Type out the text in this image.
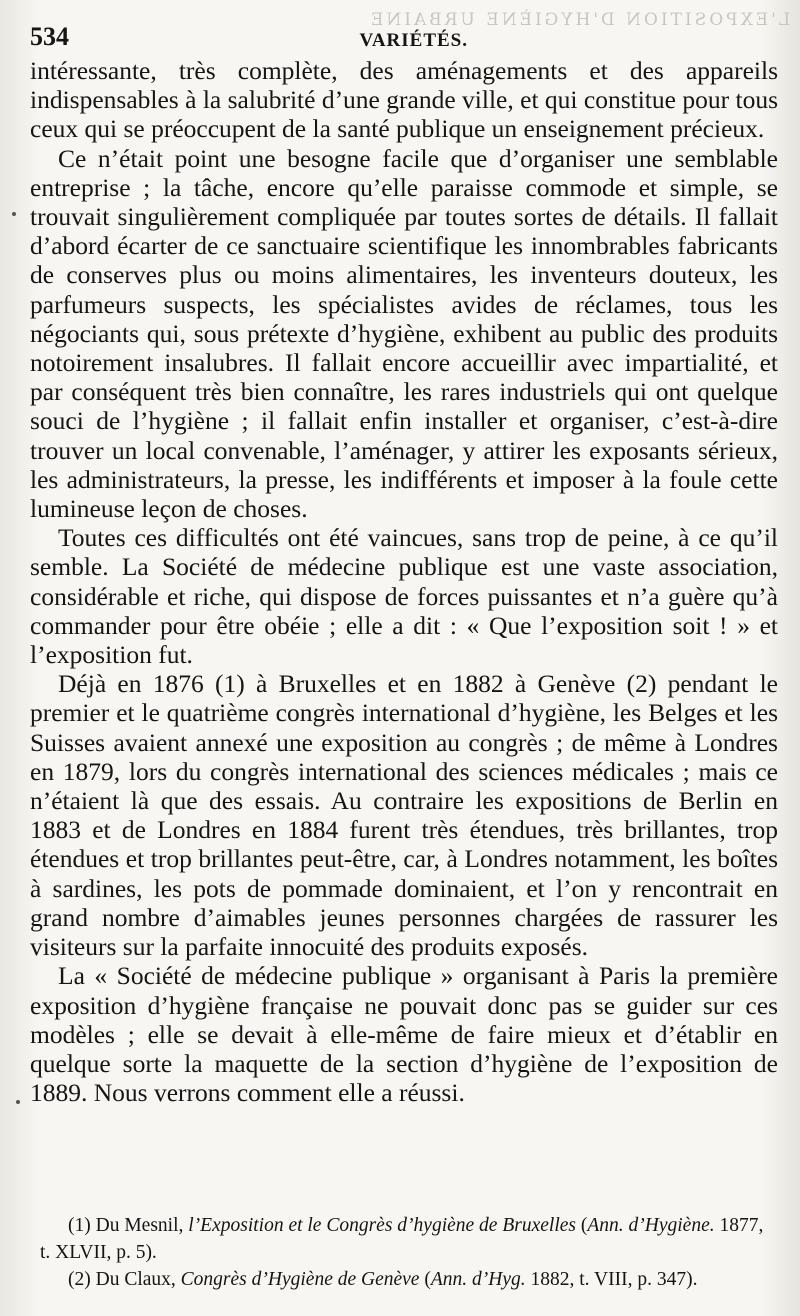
L'EXPOSITION D'HYGIÈNE URBAINE
534	VARIÉTÉS.

intéressante, très complète, des aménagements et des appareils indispensables à la salubrité d’une grande ville, et qui constitue pour tous ceux qui se préoccupent de la santé publique un enseignement précieux.

Ce n’était point une besogne facile que d’organiser une semblable entreprise ; la tâche, encore qu’elle paraisse commode et simple, se trouvait singulièrement compliquée par toutes sortes de détails. Il fallait d’abord écarter de ce sanctuaire scientifique les innombrables fabricants de conserves plus ou moins alimentaires, les inventeurs douteux, les parfumeurs suspects, les spécialistes avides de réclames, tous les négociants qui, sous prétexte d’hygiène, exhibent au public des produits notoirement insalubres. Il fallait encore accueillir avec impartialité, et par conséquent très bien connaître, les rares industriels qui ont quelque souci de l’hygiène ; il fallait enfin installer et organiser, c’est-à-dire trouver un local convenable, l’aménager, y attirer les exposants sérieux, les administrateurs, la presse, les indifférents et imposer à la foule cette lumineuse leçon de choses.

Toutes ces difficultés ont été vaincues, sans trop de peine, à ce qu’il semble. La Société de médecine publique est une vaste association, considérable et riche, qui dispose de forces puissantes et n’a guère qu’à commander pour être obéie ; elle a dit : « Que l’exposition soit ! » et l’exposition fut.

Déjà en 1876 (1) à Bruxelles et en 1882 à Genève (2) pendant le premier et le quatrième congrès international d’hygiène, les Belges et les Suisses avaient annexé une exposition au congrès ; de même à Londres en 1879, lors du congrès international des sciences médicales ; mais ce n’étaient là que des essais. Au contraire les expositions de Berlin en 1883 et de Londres en 1884 furent très étendues, très brillantes, trop étendues et trop brillantes peut-être, car, à Londres notamment, les boîtes à sardines, les pots de pommade dominaient, et l’on y rencontrait en grand nombre d’aimables jeunes personnes chargées de rassurer les visiteurs sur la parfaite innocuité des produits exposés.

La « Société de médecine publique » organisant à Paris la première exposition d’hygiène française ne pouvait donc pas se guider sur ces modèles ; elle se devait à elle-même de faire mieux et d’établir en quelque sorte la maquette de la section d’hygiène de l’exposition de 1889. Nous verrons comment elle a réussi.

(1) Du Mesnil, l’Exposition et le Congrès d’hygiène de Bruxelles (Ann. d’Hygiène. 1877, t. XLVII, p. 5).

(2) Du Claux, Congrès d’Hygiène de Genève (Ann. d’Hyg. 1882, t. VIII, p. 347).
